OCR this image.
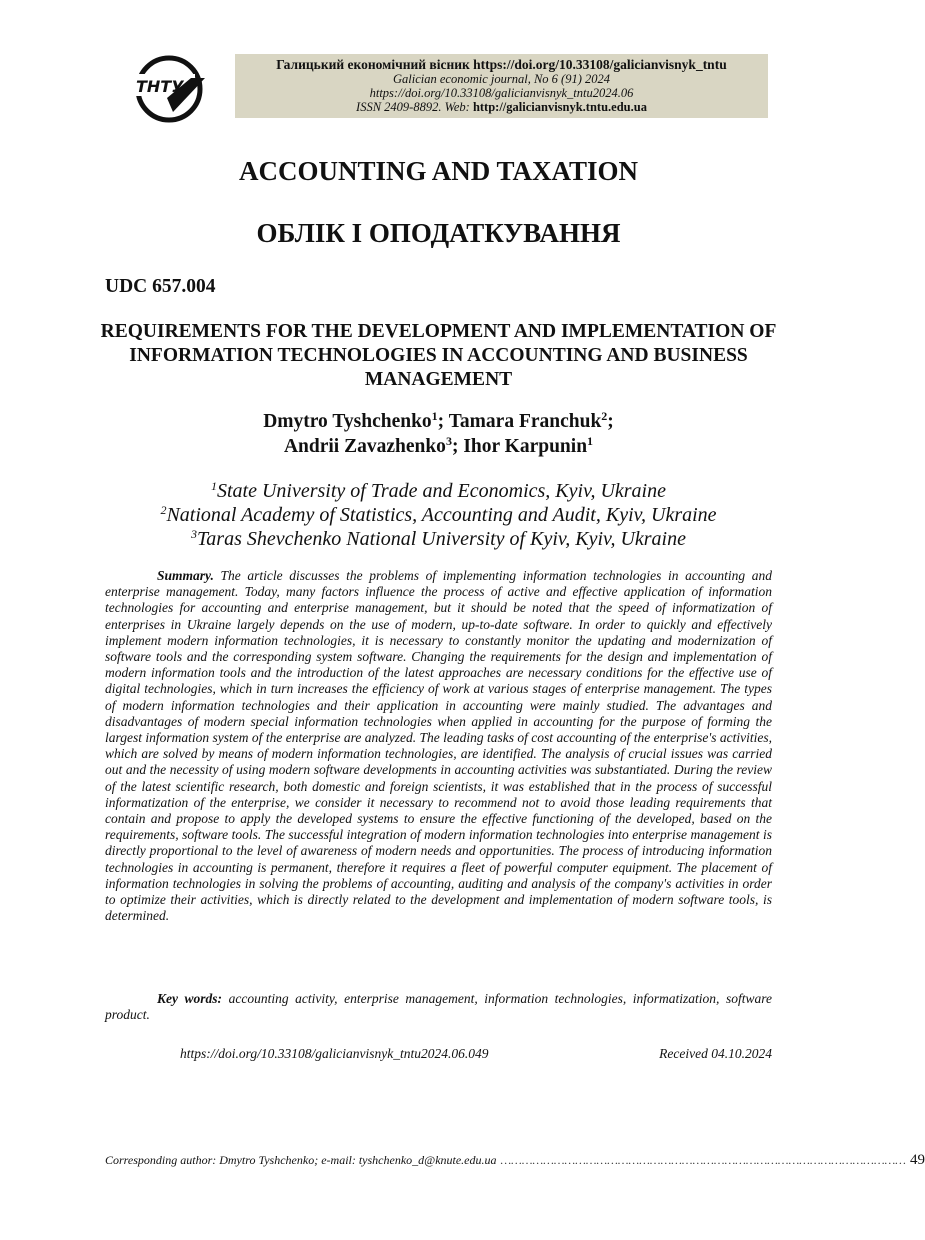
ТНТУ
Галицький економічний вісник https://doi.org/10.33108/galicianvisnyk_tntu
Galician economic journal, No 6 (91) 2024
https://doi.org/10.33108/galicianvisnyk_tntu2024.06
ISSN 2409-8892. Web: http://galicianvisnyk.tntu.edu.ua
ACCOUNTING AND TAXATION
ОБЛІК І ОПОДАТКУВАННЯ
UDC 657.004
REQUIREMENTS FOR THE DEVELOPMENT AND IMPLEMENTATION OF INFORMATION TECHNOLOGIES IN ACCOUNTING AND BUSINESS MANAGEMENT
Dmytro Tyshchenko$^1$; Tamara Franchuk$^2$;
Andrii Zavazhenko$^3$; Ihor Karpunin$^1$
$^1$State University of Trade and Economics, Kyiv, Ukraine
$^2$National Academy of Statistics, Accounting and Audit, Kyiv, Ukraine
$^3$Taras Shevchenko National University of Kyiv, Kyiv, Ukraine

Summary. The article discusses the problems of implementing information technologies in accounting and enterprise management. Today, many factors influence the process of active and effective application of information technologies for accounting and enterprise management, but it should be noted that the speed of informatization of enterprises in Ukraine largely depends on the use of modern, up-to-date software. In order to quickly and effectively implement modern information technologies, it is necessary to constantly monitor the updating and modernization of software tools and the corresponding system software. Changing the requirements for the design and implementation of modern information tools and the introduction of the latest approaches are necessary conditions for the effective use of digital technologies, which in turn increases the efficiency of work at various stages of enterprise management. The types of modern information technologies and their application in accounting were mainly studied. The advantages and disadvantages of modern special information technologies when applied in accounting for the purpose of forming the largest information system of the enterprise are analyzed. The leading tasks of cost accounting of the enterprise's activities, which are solved by means of modern information technologies, are identified. The analysis of crucial issues was carried out and the necessity of using modern software developments in accounting activities was substantiated. During the review of the latest scientific research, both domestic and foreign scientists, it was established that in the process of successful informatization of the enterprise, we consider it necessary to recommend not to avoid those leading requirements that contain and propose to apply the developed systems to ensure the effective functioning of the developed, based on the requirements, software tools. The successful integration of modern information technologies into enterprise management is directly proportional to the level of awareness of modern needs and opportunities. The process of introducing information technologies in accounting is permanent, therefore it requires a fleet of powerful computer equipment. The placement of information technologies in solving the problems of accounting, auditing and analysis of the company's activities in order to optimize their activities, which is directly related to the development and implementation of modern software tools, is determined.

Key words: accounting activity, enterprise management, information technologies, informatization, software product.

https://doi.org/10.33108/galicianvisnyk_tntu2024.06.049	Received 04.10.2024
Corresponding author: Dmytro Tyshchenko; e-mail: tyshchenko_d@knute.edu.ua …………………………………………………………………………………………………… 49
